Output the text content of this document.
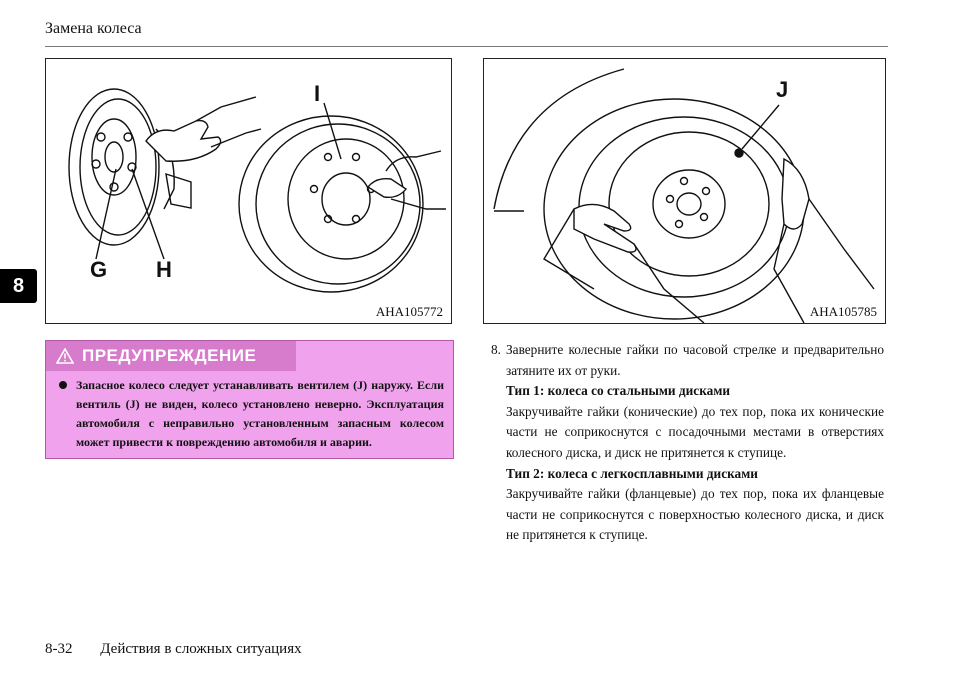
Замена колеса
8
G H
I
AHA105772
J
AHA105785
ПРЕДУПРЕЖДЕНИЕ
Запасное колесо следует устанавливать вентилем (J) наружу. Если вентиль (J) не виден, колесо установлено неверно. Эксплуатация автомобиля с неправильно установленным запасным колесом может привести к повреждению автомобиля и аварии.
8. Заверните колесные гайки по часовой стрелке и предварительно затяните их от руки.
Тип 1: колеса со стальными дисками
Закручивайте гайки (конические) до тех пор, пока их конические части не соприкоснутся с посадочными местами в отверстиях колесного диска, и диск не притянется к ступице.
Тип 2: колеса с легкосплавными дисками
Закручивайте гайки (фланцевые) до тех пор, пока их фланцевые части не соприкоснутся с поверхностью колесного диска, и диск не притянется к ступице.
8-32 Действия в сложных ситуациях
